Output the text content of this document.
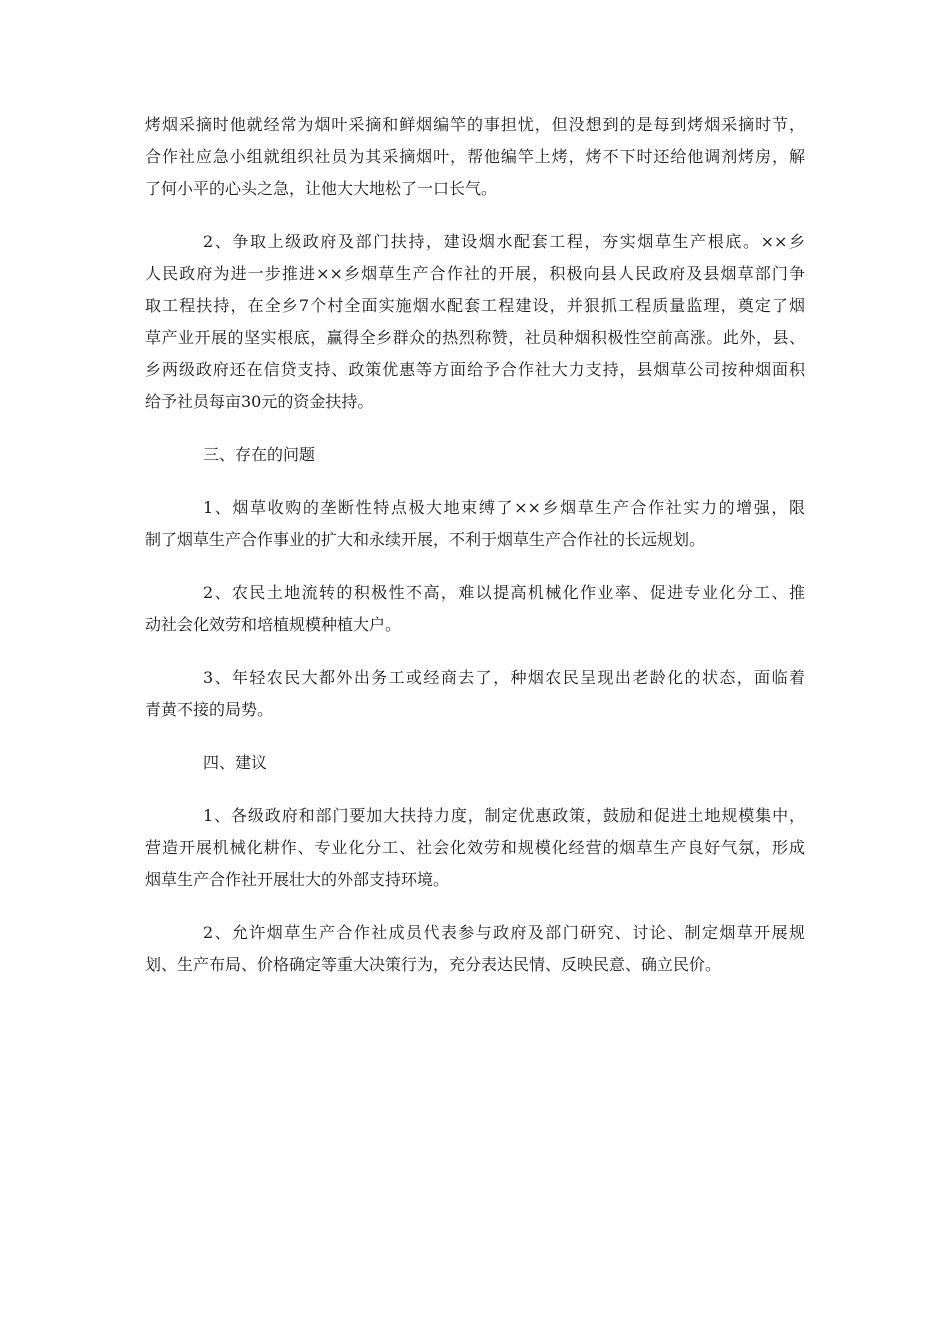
烤烟采摘时他就经常为烟叶采摘和鲜烟编竿的事担忧，但没想到的是每到烤烟采摘时节，
合作社应急小组就组织社员为其采摘烟叶，帮他编竿上烤，烤不下时还给他调剂烤房，解
了何小平的心头之急，让他大大地松了一口长气。
2、争取上级政府及部门扶持，建设烟水配套工程，夯实烟草生产根底。××乡
人民政府为进一步推进××乡烟草生产合作社的开展，积极向县人民政府及县烟草部门争
取工程扶持，在全乡7个村全面实施烟水配套工程建设，并狠抓工程质量监理，奠定了烟
草产业开展的坚实根底，赢得全乡群众的热烈称赞，社员种烟积极性空前高涨。此外，县、
乡两级政府还在信贷支持、政策优惠等方面给予合作社大力支持，县烟草公司按种烟面积
给予社员每亩30元的资金扶持。
三、存在的问题
1、烟草收购的垄断性特点极大地束缚了××乡烟草生产合作社实力的增强，限
制了烟草生产合作事业的扩大和永续开展，不利于烟草生产合作社的长远规划。
2、农民土地流转的积极性不高，难以提高机械化作业率、促进专业化分工、推
动社会化效劳和培植规模种植大户。
3、年轻农民大都外出务工或经商去了，种烟农民呈现出老龄化的状态，面临着
青黄不接的局势。
四、建议
1、各级政府和部门要加大扶持力度，制定优惠政策，鼓励和促进土地规模集中，
营造开展机械化耕作、专业化分工、社会化效劳和规模化经营的烟草生产良好气氛，形成
烟草生产合作社开展壮大的外部支持环境。
2、允许烟草生产合作社成员代表参与政府及部门研究、讨论、制定烟草开展规
划、生产布局、价格确定等重大决策行为，充分表达民情、反映民意、确立民价。
